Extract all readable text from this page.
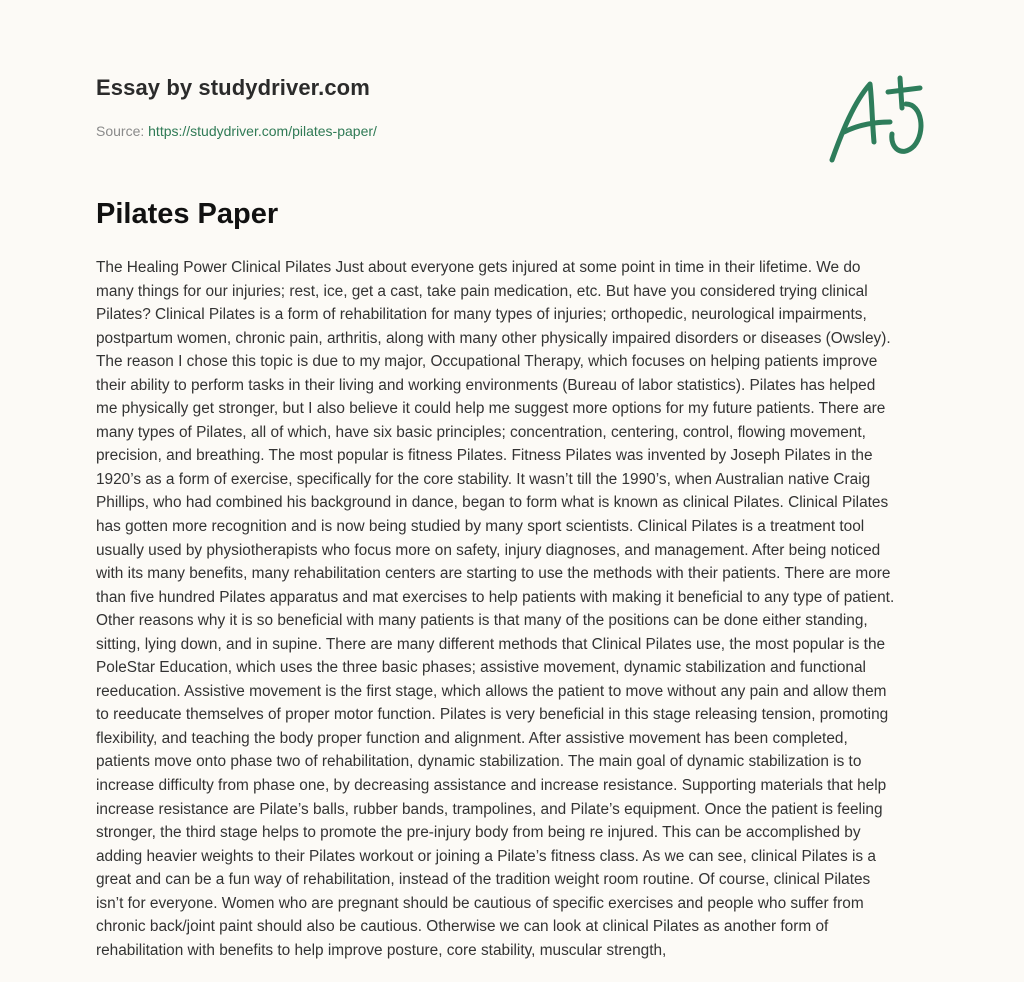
Essay by studydriver.com
Source: https://studydriver.com/pilates-paper/
Pilates Paper

The Healing Power Clinical Pilates Just about everyone gets injured at some point in time in their lifetime. We do
many things for our injuries; rest, ice, get a cast, take pain medication, etc. But have you considered trying clinical
Pilates? Clinical Pilates is a form of rehabilitation for many types of injuries; orthopedic, neurological impairments,
postpartum women, chronic pain, arthritis, along with many other physically impaired disorders or diseases (Owsley).
The reason I chose this topic is due to my major, Occupational Therapy, which focuses on helping patients improve
their ability to perform tasks in their living and working environments (Bureau of labor statistics). Pilates has helped
me physically get stronger, but I also believe it could help me suggest more options for my future patients. There are
many types of Pilates, all of which, have six basic principles; concentration, centering, control, flowing movement,
precision, and breathing. The most popular is fitness Pilates. Fitness Pilates was invented by Joseph Pilates in the
1920’s as a form of exercise, specifically for the core stability. It wasn’t till the 1990’s, when Australian native Craig
Phillips, who had combined his background in dance, began to form what is known as clinical Pilates. Clinical Pilates
has gotten more recognition and is now being studied by many sport scientists. Clinical Pilates is a treatment tool
usually used by physiotherapists who focus more on safety, injury diagnoses, and management. After being noticed
with its many benefits, many rehabilitation centers are starting to use the methods with their patients. There are more
than five hundred Pilates apparatus and mat exercises to help patients with making it beneficial to any type of patient.
Other reasons why it is so beneficial with many patients is that many of the positions can be done either standing,
sitting, lying down, and in supine. There are many different methods that Clinical Pilates use, the most popular is the
PoleStar Education, which uses the three basic phases; assistive movement, dynamic stabilization and functional
reeducation. Assistive movement is the first stage, which allows the patient to move without any pain and allow them
to reeducate themselves of proper motor function. Pilates is very beneficial in this stage releasing tension, promoting
flexibility, and teaching the body proper function and alignment. After assistive movement has been completed,
patients move onto phase two of rehabilitation, dynamic stabilization. The main goal of dynamic stabilization is to
increase difficulty from phase one, by decreasing assistance and increase resistance. Supporting materials that help
increase resistance are Pilate’s balls, rubber bands, trampolines, and Pilate’s equipment. Once the patient is feeling
stronger, the third stage helps to promote the pre-injury body from being re injured. This can be accomplished by
adding heavier weights to their Pilates workout or joining a Pilate’s fitness class. As we can see, clinical Pilates is a
great and can be a fun way of rehabilitation, instead of the tradition weight room routine. Of course, clinical Pilates
isn’t for everyone. Women who are pregnant should be cautious of specific exercises and people who suffer from
chronic back/joint paint should also be cautious. Otherwise we can look at clinical Pilates as another form of
rehabilitation with benefits to help improve posture, core stability, muscular strength,
